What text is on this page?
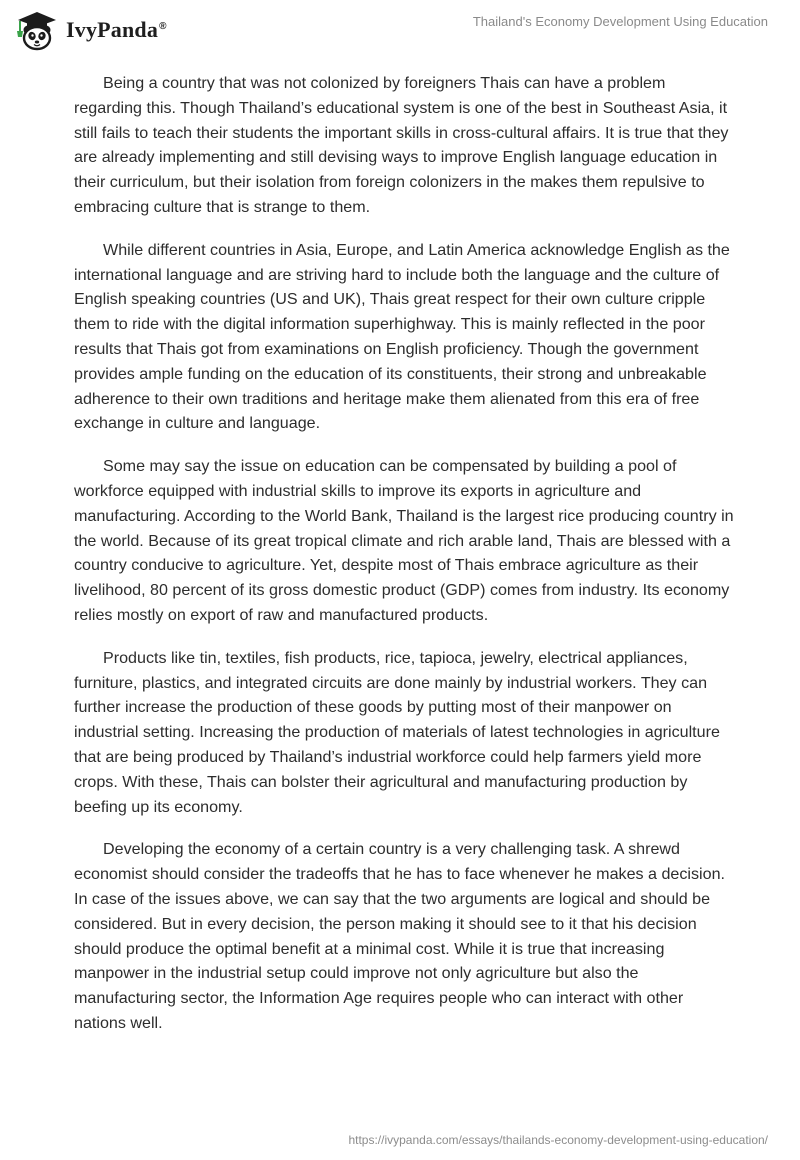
IvyPanda®	Thailand's Economy Development Using Education

Being a country that was not colonized by foreigners Thais can have a problem regarding this. Though Thailand’s educational system is one of the best in Southeast Asia, it still fails to teach their students the important skills in cross-cultural affairs. It is true that they are already implementing and still devising ways to improve English language education in their curriculum, but their isolation from foreign colonizers in the makes them repulsive to embracing culture that is strange to them.

While different countries in Asia, Europe, and Latin America acknowledge English as the international language and are striving hard to include both the language and the culture of English speaking countries (US and UK), Thais great respect for their own culture cripple them to ride with the digital information superhighway. This is mainly reflected in the poor results that Thais got from examinations on English proficiency. Though the government provides ample funding on the education of its constituents, their strong and unbreakable adherence to their own traditions and heritage make them alienated from this era of free exchange in culture and language.

Some may say the issue on education can be compensated by building a pool of workforce equipped with industrial skills to improve its exports in agriculture and manufacturing. According to the World Bank, Thailand is the largest rice producing country in the world. Because of its great tropical climate and rich arable land, Thais are blessed with a country conducive to agriculture. Yet, despite most of Thais embrace agriculture as their livelihood, 80 percent of its gross domestic product (GDP) comes from industry. Its economy relies mostly on export of raw and manufactured products.

Products like tin, textiles, fish products, rice, tapioca, jewelry, electrical appliances, furniture, plastics, and integrated circuits are done mainly by industrial workers. They can further increase the production of these goods by putting most of their manpower on industrial setting. Increasing the production of materials of latest technologies in agriculture that are being produced by Thailand’s industrial workforce could help farmers yield more crops. With these, Thais can bolster their agricultural and manufacturing production by beefing up its economy.

Developing the economy of a certain country is a very challenging task. A shrewd economist should consider the tradeoffs that he has to face whenever he makes a decision. In case of the issues above, we can say that the two arguments are logical and should be considered. But in every decision, the person making it should see to it that his decision should produce the optimal benefit at a minimal cost. While it is true that increasing manpower in the industrial setup could improve not only agriculture but also the manufacturing sector, the Information Age requires people who can interact with other nations well.

https://ivypanda.com/essays/thailands-economy-development-using-education/
